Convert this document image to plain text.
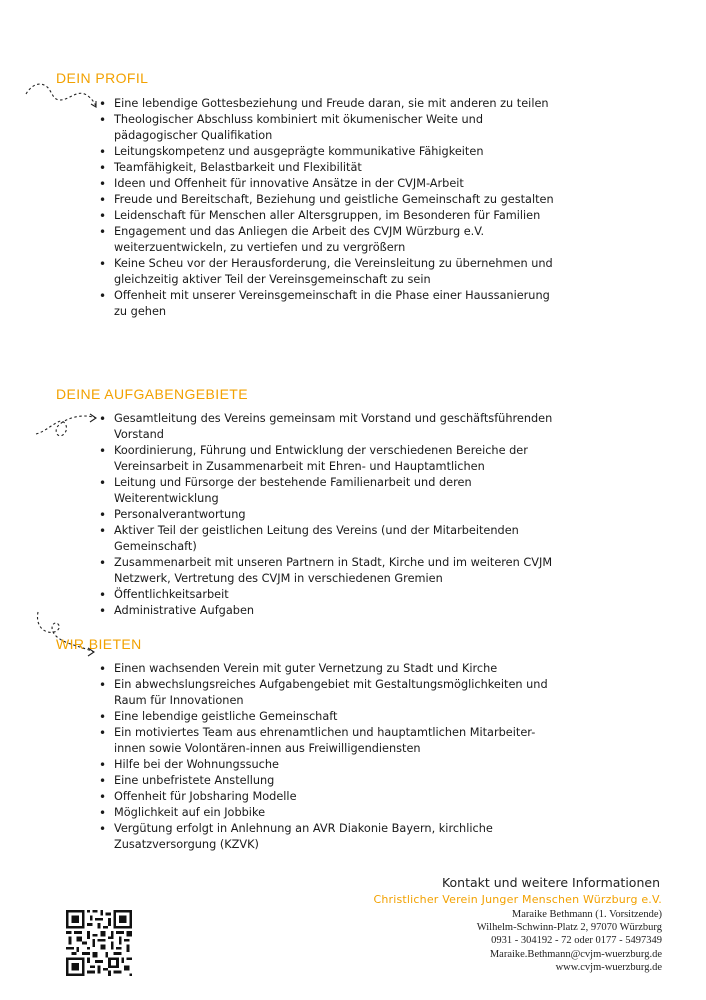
DEIN PROFIL
• Eine lebendige Gottesbeziehung und Freude daran, sie mit anderen zu teilen
• Theologischer Abschluss kombiniert mit ökumenischer Weite und pädagogischer Qualifikation
• Leitungskompetenz und ausgeprägte kommunikative Fähigkeiten
• Teamfähigkeit, Belastbarkeit und Flexibilität
• Ideen und Offenheit für innovative Ansätze in der CVJM-Arbeit
• Freude und Bereitschaft, Beziehung und geistliche Gemeinschaft zu gestalten
• Leidenschaft für Menschen aller Altersgruppen, im Besonderen für Familien
• Engagement und das Anliegen die Arbeit des CVJM Würzburg e.V. weiterzuentwickeln, zu vertiefen und zu vergrößern
• Keine Scheu vor der Herausforderung, die Vereinsleitung zu übernehmen und gleichzeitig aktiver Teil der Vereinsgemeinschaft zu sein
• Offenheit mit unserer Vereinsgemeinschaft in die Phase einer Haussanierung zu gehen
DEINE AUFGABENGEBIETE
• Gesamtleitung des Vereins gemeinsam mit Vorstand und geschäftsführenden Vorstand
• Koordinierung, Führung und Entwicklung der verschiedenen Bereiche der Vereinsarbeit in Zusammenarbeit mit Ehren- und Hauptamtlichen
• Leitung und Fürsorge der bestehende Familienarbeit und deren Weiterentwicklung
• Personalverantwortung
• Aktiver Teil der geistlichen Leitung des Vereins (und der Mitarbeitenden Gemeinschaft)
• Zusammenarbeit mit unseren Partnern in Stadt, Kirche und im weiteren CVJM Netzwerk, Vertretung des CVJM in verschiedenen Gremien
• Öffentlichkeitsarbeit
• Administrative Aufgaben
WIR BIETEN
• Einen wachsenden Verein mit guter Vernetzung zu Stadt und Kirche
• Ein abwechslungsreiches Aufgabengebiet mit Gestaltungsmöglichkeiten und Raum für Innovationen
• Eine lebendige geistliche Gemeinschaft
• Ein motiviertes Team aus ehrenamtlichen und hauptamtlichen Mitarbeiter-innen sowie Volontären-innen aus Freiwilligendiensten
• Hilfe bei der Wohnungssuche
• Eine unbefristete Anstellung
• Offenheit für Jobsharing Modelle
• Möglichkeit auf ein Jobbike
• Vergütung erfolgt in Anlehnung an AVR Diakonie Bayern, kirchliche Zusatzversorgung (KZVK)
Kontakt und weitere Informationen
Christlicher Verein Junger Menschen Würzburg e.V.
Maraike Bethmann (1. Vorsitzende)
Wilhelm-Schwinn-Platz 2, 97070 Würzburg
0931 - 304192 - 72 oder 0177 - 5497349
Maraike.Bethmann@cvjm-wuerzburg.de
www.cvjm-wuerzburg.de
